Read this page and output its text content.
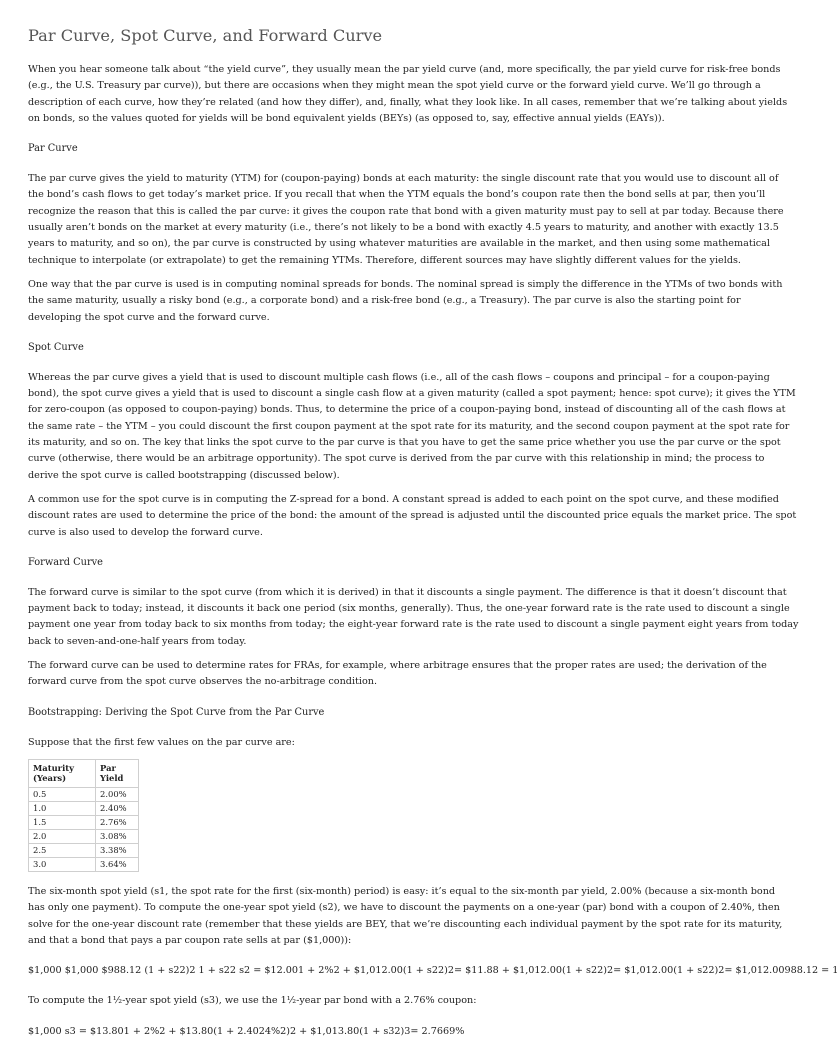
Par Curve, Spot Curve, and Forward Curve
When you hear someone talk about “the yield curve”, they usually mean the par yield curve (and, more specifically, the par yield curve for risk-free bonds
(e.g., the U.S. Treasury par curve)), but there are occasions when they might mean the spot yield curve or the forward yield curve. We’ll go through a
description of each curve, how they’re related (and how they differ), and, finally, what they look like. In all cases, remember that we’re talking about yields
on bonds, so the values quoted for yields will be bond equivalent yields (BEYs) (as opposed to, say, effective annual yields (EAYs)).
Par Curve
The par curve gives the yield to maturity (YTM) for (coupon-paying) bonds at each maturity: the single discount rate that you would use to discount all of
the bond’s cash flows to get today’s market price. If you recall that when the YTM equals the bond’s coupon rate then the bond sells at par, then you’ll
recognize the reason that this is called the par curve: it gives the coupon rate that bond with a given maturity must pay to sell at par today. Because there
usually aren’t bonds on the market at every maturity (i.e., there’s not likely to be a bond with exactly 4.5 years to maturity, and another with exactly 13.5
years to maturity, and so on), the par curve is constructed by using whatever maturities are available in the market, and then using some mathematical
technique to interpolate (or extrapolate) to get the remaining YTMs. Therefore, different sources may have slightly different values for the yields.
One way that the par curve is used is in computing nominal spreads for bonds. The nominal spread is simply the difference in the YTMs of two bonds with
the same maturity, usually a risky bond (e.g., a corporate bond) and a risk-free bond (e.g., a Treasury). The par curve is also the starting point for
developing the spot curve and the forward curve.
Spot Curve
Whereas the par curve gives a yield that is used to discount multiple cash flows (i.e., all of the cash flows – coupons and principal – for a coupon-paying
bond), the spot curve gives a yield that is used to discount a single cash flow at a given maturity (called a spot payment; hence: spot curve); it gives the YTM
for zero-coupon (as opposed to coupon-paying) bonds. Thus, to determine the price of a coupon-paying bond, instead of discounting all of the cash flows at
the same rate – the YTM – you could discount the first coupon payment at the spot rate for its maturity, and the second coupon payment at the spot rate for
its maturity, and so on. The key that links the spot curve to the par curve is that you have to get the same price whether you use the par curve or the spot
curve (otherwise, there would be an arbitrage opportunity). The spot curve is derived from the par curve with this relationship in mind; the process to
derive the spot curve is called bootstrapping (discussed below).
A common use for the spot curve is in computing the Z-spread for a bond. A constant spread is added to each point on the spot curve, and these modified
discount rates are used to determine the price of the bond: the amount of the spread is adjusted until the discounted price equals the market price. The spot
curve is also used to develop the forward curve.
Forward Curve
The forward curve is similar to the spot curve (from which it is derived) in that it discounts a single payment. The difference is that it doesn’t discount that
payment back to today; instead, it discounts it back one period (six months, generally). Thus, the one-year forward rate is the rate used to discount a single
payment one year from today back to six months from today; the eight-year forward rate is the rate used to discount a single payment eight years from today
back to seven-and-one-half years from today.
The forward curve can be used to determine rates for FRAs, for example, where arbitrage ensures that the proper rates are used; the derivation of the
forward curve from the spot curve observes the no-arbitrage condition.
Bootstrapping: Deriving the Spot Curve from the Par Curve
Suppose that the first few values on the par curve are:
Maturity (Years)	Par Yield
0.5	2.00%
1.0	2.40%
1.5	2.76%
2.0	3.08%
2.5	3.38%
3.0	3.64%
The six-month spot yield (s1, the spot rate for the first (six-month) period) is easy: it’s equal to the six-month par yield, 2.00% (because a six-month bond
has only one payment). To compute the one-year spot yield (s2), we have to discount the payments on a one-year (par) bond with a coupon of 2.40%, then
solve for the one-year discount rate (remember that these yields are BEY, that we’re discounting each individual payment by the spot rate for its maturity,
and that a bond that pays a par coupon rate sells at par ($1,000)):
$1,000 $1,000 $988.12 (1 + s22)2 1 + s22 s2 = $12.001 + 2%2 + $1,012.00(1 + s22)2= $11.88 + $1,012.00(1 + s22)2= $1,012.00(1 + s22)2= $1,012.00988.12 = 1
To compute the 1½-year spot yield (s3), we use the 1½-year par bond with a 2.76% coupon:
$1,000 s3 = $13.801 + 2%2 + $13.80(1 + 2.4024%2)2 + $1,013.80(1 + s32)3= 2.7669%
